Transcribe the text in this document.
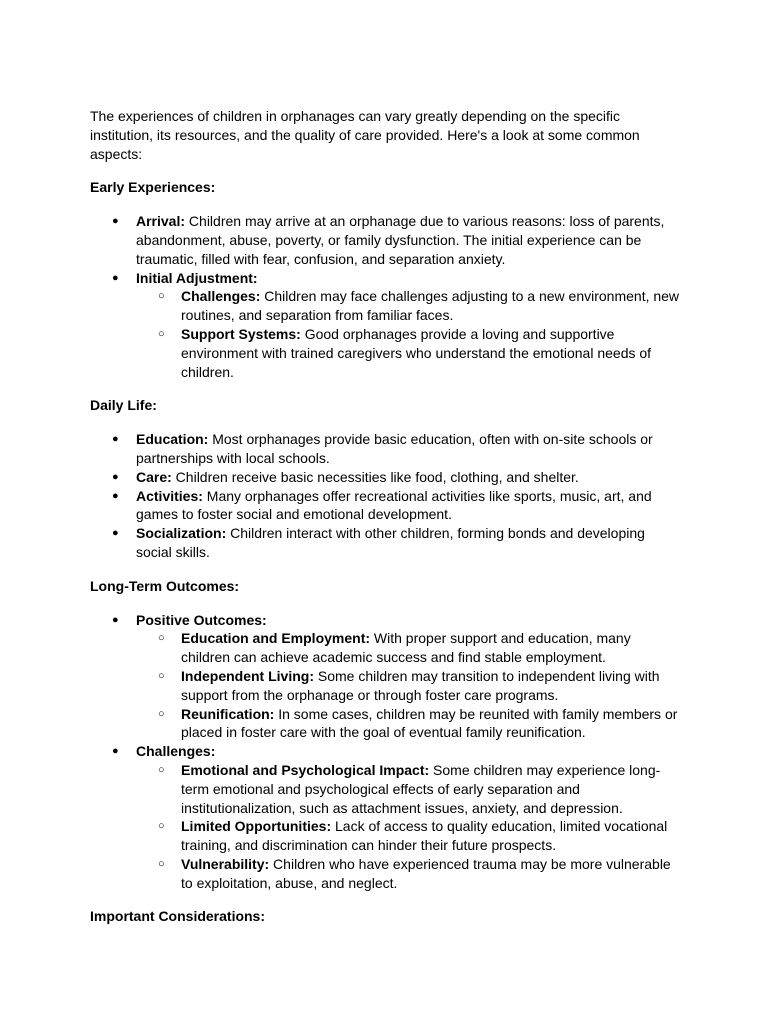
The experiences of children in orphanages can vary greatly depending on the specific institution, its resources, and the quality of care provided. Here's a look at some common aspects:

Early Experiences:

● Arrival: Children may arrive at an orphanage due to various reasons: loss of parents, abandonment, abuse, poverty, or family dysfunction. The initial experience can be traumatic, filled with fear, confusion, and separation anxiety.
● Initial Adjustment:
○ Challenges: Children may face challenges adjusting to a new environment, new routines, and separation from familiar faces.
○ Support Systems: Good orphanages provide a loving and supportive environment with trained caregivers who understand the emotional needs of children.

Daily Life:

● Education: Most orphanages provide basic education, often with on-site schools or partnerships with local schools.
● Care: Children receive basic necessities like food, clothing, and shelter.
● Activities: Many orphanages offer recreational activities like sports, music, art, and games to foster social and emotional development.
● Socialization: Children interact with other children, forming bonds and developing social skills.

Long-Term Outcomes:

● Positive Outcomes:
○ Education and Employment: With proper support and education, many children can achieve academic success and find stable employment.
○ Independent Living: Some children may transition to independent living with support from the orphanage or through foster care programs.
○ Reunification: In some cases, children may be reunited with family members or placed in foster care with the goal of eventual family reunification.
● Challenges:
○ Emotional and Psychological Impact: Some children may experience long-term emotional and psychological effects of early separation and institutionalization, such as attachment issues, anxiety, and depression.
○ Limited Opportunities: Lack of access to quality education, limited vocational training, and discrimination can hinder their future prospects.
○ Vulnerability: Children who have experienced trauma may be more vulnerable to exploitation, abuse, and neglect.

Important Considerations:
